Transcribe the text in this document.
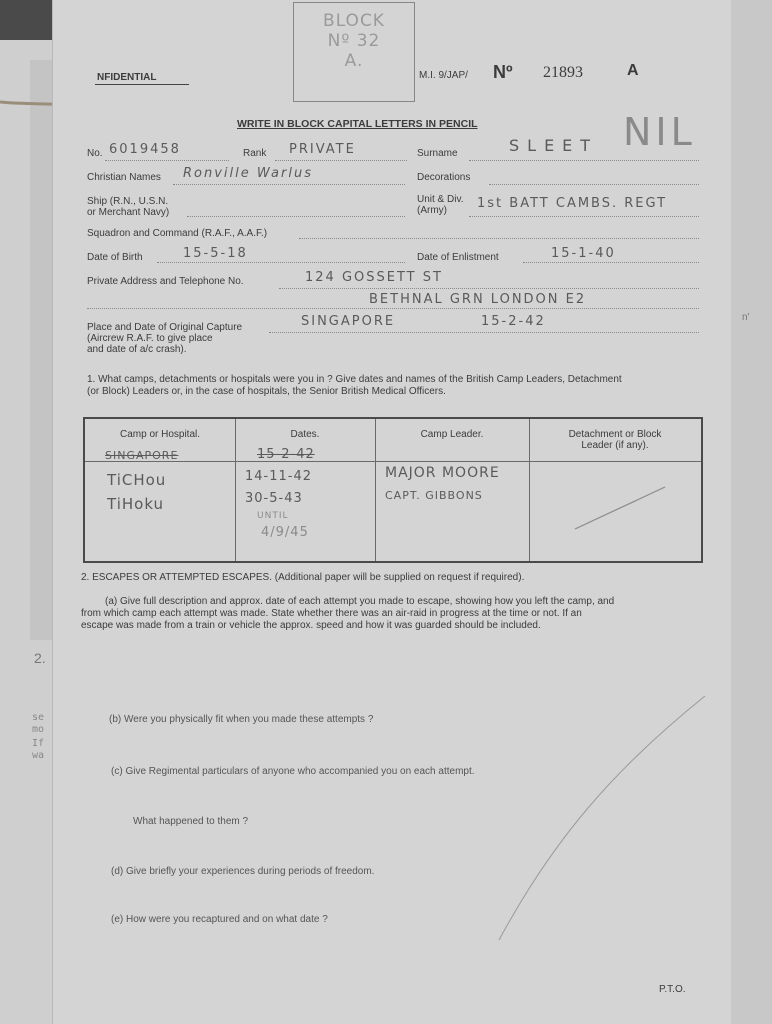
2.
se
mo
If
wa
n'
NFIDENTIAL
BLOCK
Nº 32
A.
M.I. 9/JAP/ Nº 21893	A
WRITE IN BLOCK CAPITAL LETTERS IN PENCIL	NIL
No. 6019458	Rank PRIVATE	Surname	SLEET
Christian Names Ronville Warlus	Decorations
Ship (R.N., U.S.N.
or Merchant Navy)
Unit & Div.
(Army) 1st BATT CAMBS. REGT
Squadron and Command (R.A.F., A.A.F.)
Date of Birth	15-5-18	Date of Enlistment	15-1-40
Private Address and Telephone No.	124 GOSSETT ST
BETHNAL GRN LONDON E2
Place and Date of Original Capture
(Aircrew R.A.F. to give place
and date of a/c crash).
SINGAPORE	15-2-42
1. What camps, detachments or hospitals were you in ? Give dates and names of the British Camp Leaders, Detachment
(or Block) Leaders or, in the case of hospitals, the Senior British Medical Officers.
Camp or Hospital.	Dates.	Camp Leader.	Detachment or Block Leader (if any).
SINGAPORE	15-2-42
TiCHou	14-11-42	MAJOR MOORE
TiHoku	30-5-43	CAPT. GIBBONS
UNTIL
4/9/45
2. ESCAPES OR ATTEMPTED ESCAPES. (Additional paper will be supplied on request if required).
(a) Give full description and approx. date of each attempt you made to escape, showing how you left the camp, and
from which camp each attempt was made. State whether there was an air-raid in progress at the time or not. If an
escape was made from a train or vehicle the approx. speed and how it was guarded should be included.
(b) Were you physically fit when you made these attempts ?
(c) Give Regimental particulars of anyone who accompanied you on each attempt.
What happened to them ?
(d) Give briefly your experiences during periods of freedom.
(e) How were you recaptured and on what date ?
P.T.O.
